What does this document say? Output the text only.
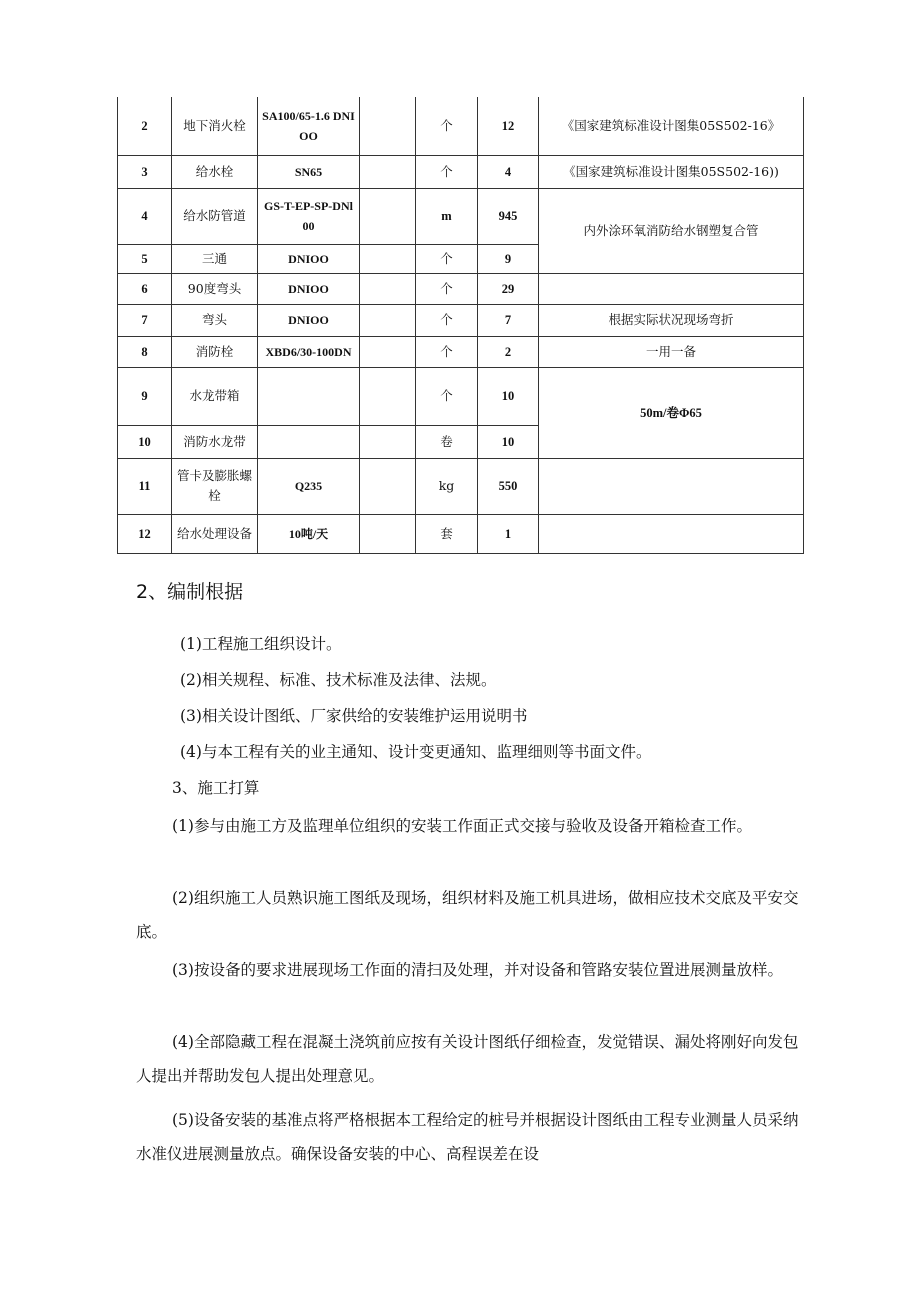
2	地下消火栓	SA100/65-1.6 DNIOO		个	12	《国家建筑标准设计图集05S502-16》
3	给水栓	SN65		个	4	《国家建筑标准设计图集05S502-16))
4	给水防管道	GS-T-EP-SP-DNl 00		m	945	内外涂环氧消防给水钢塑复合管
5	三通	DNIOO		个	9	
6	90度弯头	DNIOO		个	29	
7	弯头	DNIOO		个	7	根据实际状况现场弯折
8	消防栓	XBD6/30-100DN		个	2	一用一备
9	水龙带箱			个	10	50m/卷Φ65
10	消防水龙带			卷	10	
11	管卡及膨胀螺栓	Q235		kg	550	
12	给水处理设备	10吨/天		套	1	
2、编制根据

(1)工程施工组织设计。

(2)相关规程、标准、技术标准及法律、法规。

(3)相关设计图纸、厂家供给的安装维护运用说明书

(4)与本工程有关的业主通知、设计变更通知、监理细则等书面文件。

3、施工打算

(1)参与由施工方及监理单位组织的安装工作面正式交接与验收及设备开箱检查工作。

(2)组织施工人员熟识施工图纸及现场，组织材料及施工机具进场，做相应技术交底及平安交底。

(3)按设备的要求进展现场工作面的清扫及处理，并对设备和管路安装位置进展测量放样。

(4)全部隐藏工程在混凝土浇筑前应按有关设计图纸仔细检查，发觉错误、漏处将刚好向发包人提出并帮助发包人提出处理意见。

(5)设备安装的基准点将严格根据本工程给定的桩号并根据设计图纸由工程专业测量人员采纳水准仪进展测量放点。确保设备安装的中心、高程误差在设
